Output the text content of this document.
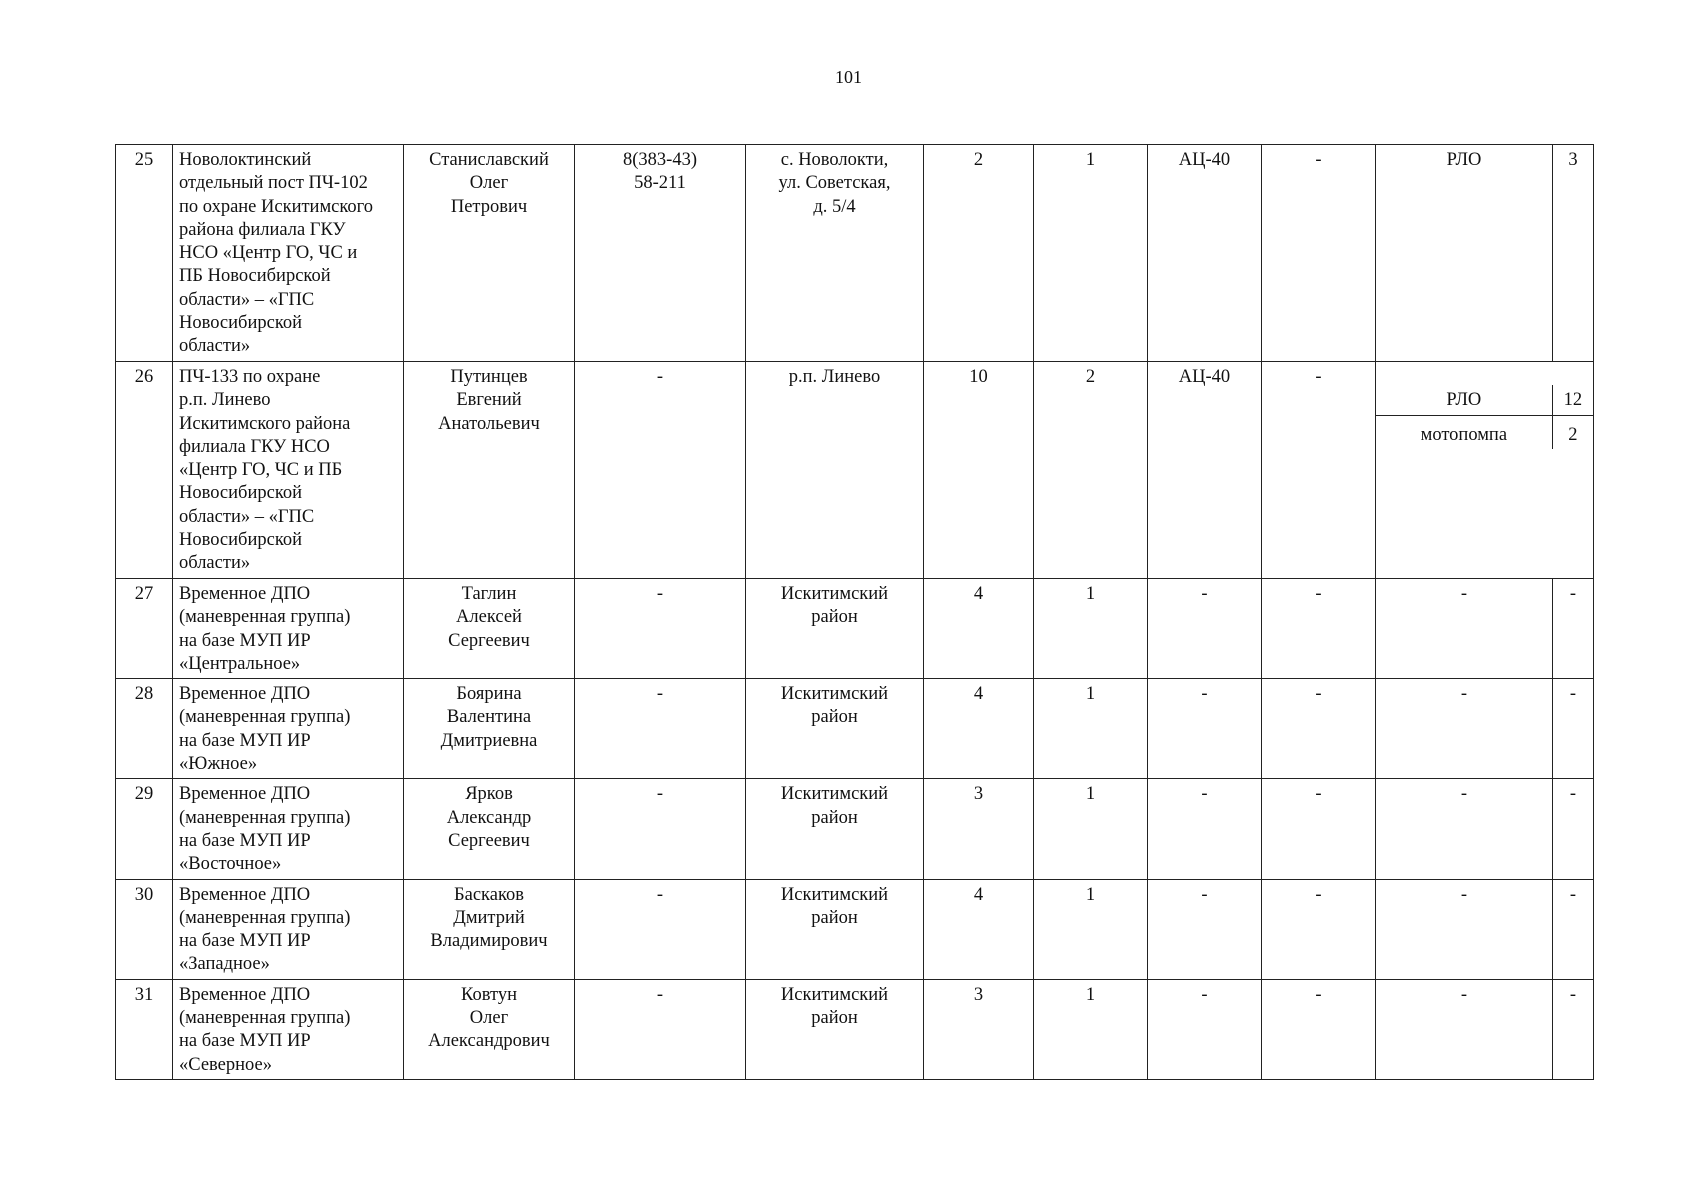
101
25	Новолоктинский
отдельный пост ПЧ-102
по охране Искитимского
района филиала ГКУ
НСО «Центр ГО, ЧС и
ПБ Новосибирской
области» – «ГПС
Новосибирской
области»	Станиславский
Олег
Петрович	8(383-43)
58-211	с. Новолокти,
ул. Советская,
д. 5/4	2	1	АЦ-40	-	РЛО	3
26	ПЧ-133 по охране
р.п. Линево
Искитимского района
филиала ГКУ НСО
«Центр ГО, ЧС и ПБ
Новосибирской
области» – «ГПС
Новосибирской
области»	Путинцев
Евгений
Анатольевич	-	р.п. Линево	10	2	АЦ-40	-	

РЛО	12
мотопомпа	2

27	Временное ДПО
(маневренная группа)
на базе МУП ИР
«Центральное»	Таглин
Алексей
Сергеевич	-	Искитимский
район	4	1	-	-	-	-
28	Временное ДПО
(маневренная группа)
на базе МУП ИР
«Южное»	Боярина
Валентина
Дмитриевна	-	Искитимский
район	4	1	-	-	-	-
29	Временное ДПО
(маневренная группа)
на базе МУП ИР
«Восточное»	Ярков
Александр
Сергеевич	-	Искитимский
район	3	1	-	-	-	-
30	Временное ДПО
(маневренная группа)
на базе МУП ИР
«Западное»	Баскаков
Дмитрий
Владимирович	-	Искитимский
район	4	1	-	-	-	-
31	Временное ДПО
(маневренная группа)
на базе МУП ИР
«Северное»	Ковтун
Олег
Александрович	-	Искитимский
район	3	1	-	-	-	-
